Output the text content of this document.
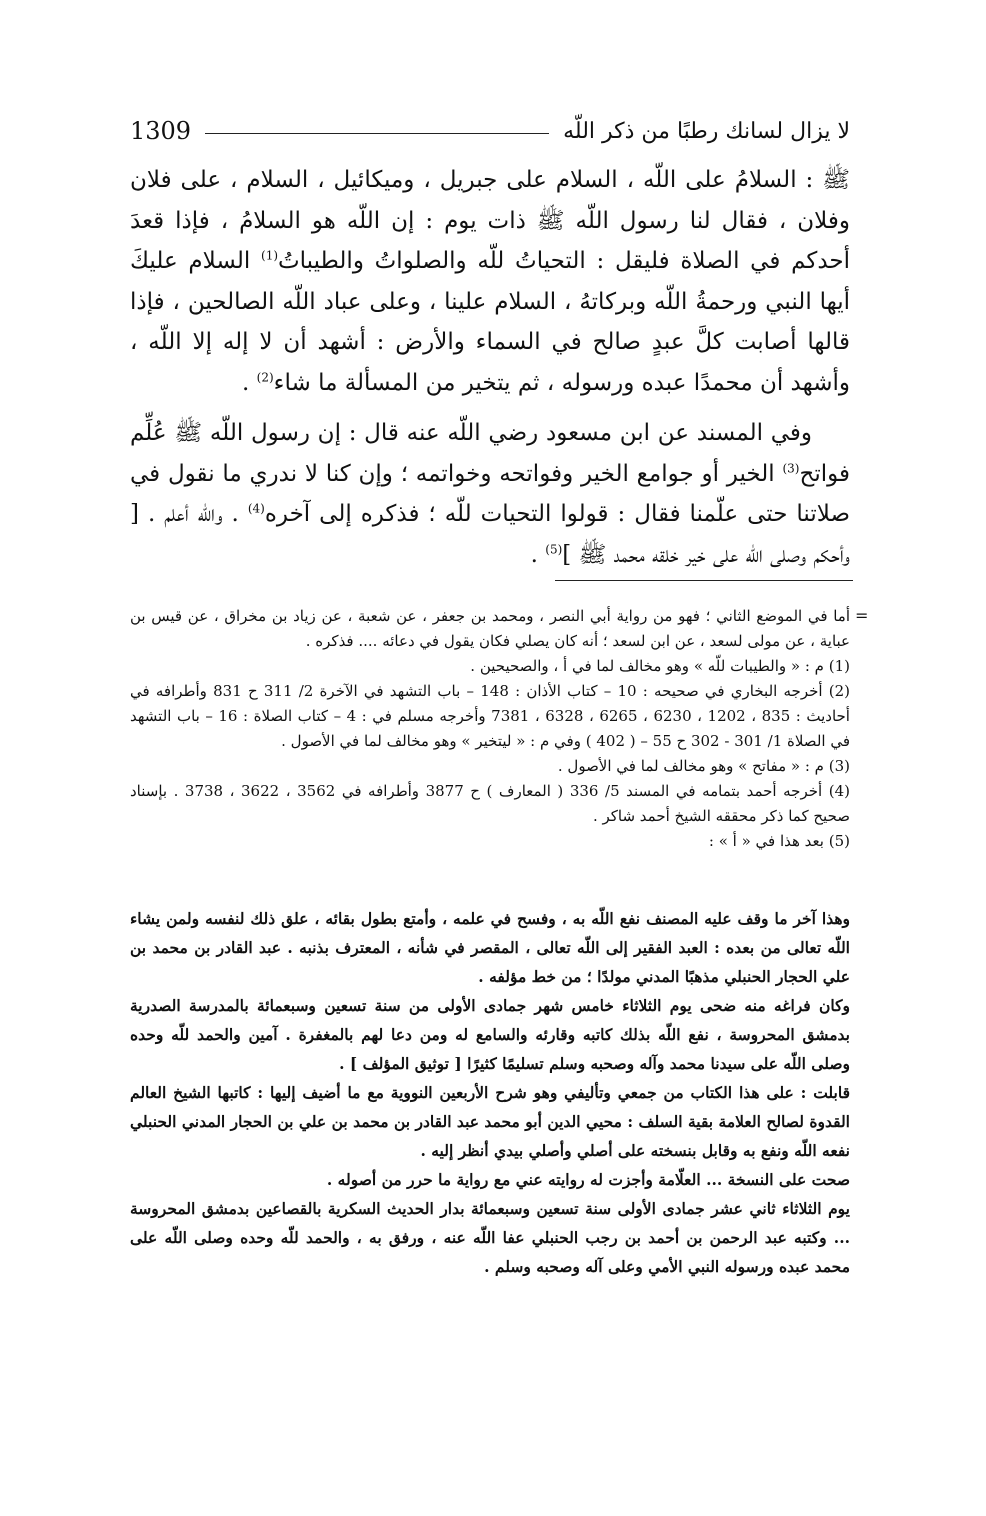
1309	لا يزال لسانك رطبًا من ذكر اللّه

ﷺ : السلامُ على اللّه ، السلام على جبريل ، وميكائيل ، السلام ، على فلان وفلان ، فقال لنا رسول اللّه ﷺ ذات يوم : إن اللّه هو السلامُ ، فإذا قعدَ أحدكم في الصلاة فليقل : التحياتُ للّه والصلواتُ والطيباتُ$^{(1)}$ السلام عليكَ أيها النبي ورحمةُ اللّه وبركاتهُ ، السلام علينا ، وعلى عباد اللّه الصالحين ، فإذا قالها أصابت كلَّ عبدٍ صالح في السماء والأرض : أشهد أن لا إله إلا اللّه ، وأشهد أن محمدًا عبده ورسوله ، ثم يتخير من المسألة ما شاء$^{(2)}$ .

وفي المسند عن ابن مسعود رضي اللّه عنه قال : إن رسول اللّه ﷺ عُلِّم فواتح$^{(3)}$ الخير أو جوامع الخير وفواتحه وخواتمه ؛ وإن كنا لا ندري ما نقول في صلاتنا حتى علّمنا فقال : قولوا التحيات للّه ؛ فذكره إلى آخره$^{(4)}$ . واللّه أعلم . [ وأحكم وصلى اللّه على خير خلقه محمد ﷺ ]$^{(5)}$ .

=

أما في الموضع الثاني ؛ فهو من رواية أبي النصر ، ومحمد بن جعفر ، عن شعبة ، عن زياد بن مخراق ، عن قيس بن عباية ، عن مولى لسعد ، عن ابن لسعد ؛ أنه كان يصلي فكان يقول في دعائه .... فذكره .

(1) م : « والطيبات للّه » وهو مخالف لما في أ ، والصحيحين .

(2) أخرجه البخاري في صحيحه : 10 – كتاب الأذان : 148 – باب التشهد في الآخرة 2/ 311 ح 831 وأطرافه في أحاديث : 835 ، 1202 ، 6230 ، 6265 ، 6328 ، 7381 وأخرجه مسلم في : 4 – كتاب الصلاة : 16 – باب التشهد في الصلاة 1/ 301 - 302 ح 55 – ( 402 ) وفي م : « ليتخير » وهو مخالف لما في الأصول .

(3) م : « مفاتح » وهو مخالف لما في الأصول .

(4) أخرجه أحمد بتمامه في المسند 5/ 336 ( المعارف ) ح 3877 وأطرافه في 3562 ، 3622 ، 3738 . بإسناد صحيح كما ذكر محققه الشيخ أحمد شاكر .

(5) بعد هذا في « أ » :

وهذا آخر ما وقف عليه المصنف نفع اللّه به ، وفسح في علمه ، وأمتع بطول بقائه ، علق ذلك لنفسه ولمن يشاء اللّه تعالى من بعده : العبد الفقير إلى اللّه تعالى ، المقصر في شأنه ، المعترف بذنبه . عبد القادر بن محمد بن علي الحجار الحنبلي مذهبًا المدني مولدًا ؛ من خط مؤلفه .

وكان فراغه منه ضحى يوم الثلاثاء خامس شهر جمادى الأولى من سنة تسعين وسبعمائة بالمدرسة الصدرية بدمشق المحروسة ، نفع اللّه بذلك كاتبه وقارئه والسامع له ومن دعا لهم بالمغفرة . آمين والحمد للّه وحده وصلى اللّه على سيدنا محمد وآله وصحبه وسلم تسليمًا كثيرًا [ توثيق المؤلف ] .

قابلت : على هذا الكتاب من جمعي وتأليفي وهو شرح الأربعين النووية مع ما أضيف إليها : كاتبها الشيخ العالم القدوة لصالح العلامة بقية السلف : محيي الدين أبو محمد عبد القادر بن محمد بن علي بن الحجار المدني الحنبلي نفعه اللّه ونفع به وقابل بنسخته على أصلي وأصلي بيدي أنظر إليه .

صحت على النسخة ... العلّامة وأجزت له روايته عني مع رواية ما حرر من أصوله .

يوم الثلاثاء ثاني عشر جمادى الأولى سنة تسعين وسبعمائة بدار الحديث السكرية بالقصاعين بدمشق المحروسة ... وكتبه عبد الرحمن بن أحمد بن رجب الحنبلي عفا اللّه عنه ، ورفق به ، والحمد للّه وحده وصلى اللّه على محمد عبده ورسوله النبي الأمي وعلى آله وصحبه وسلم .
